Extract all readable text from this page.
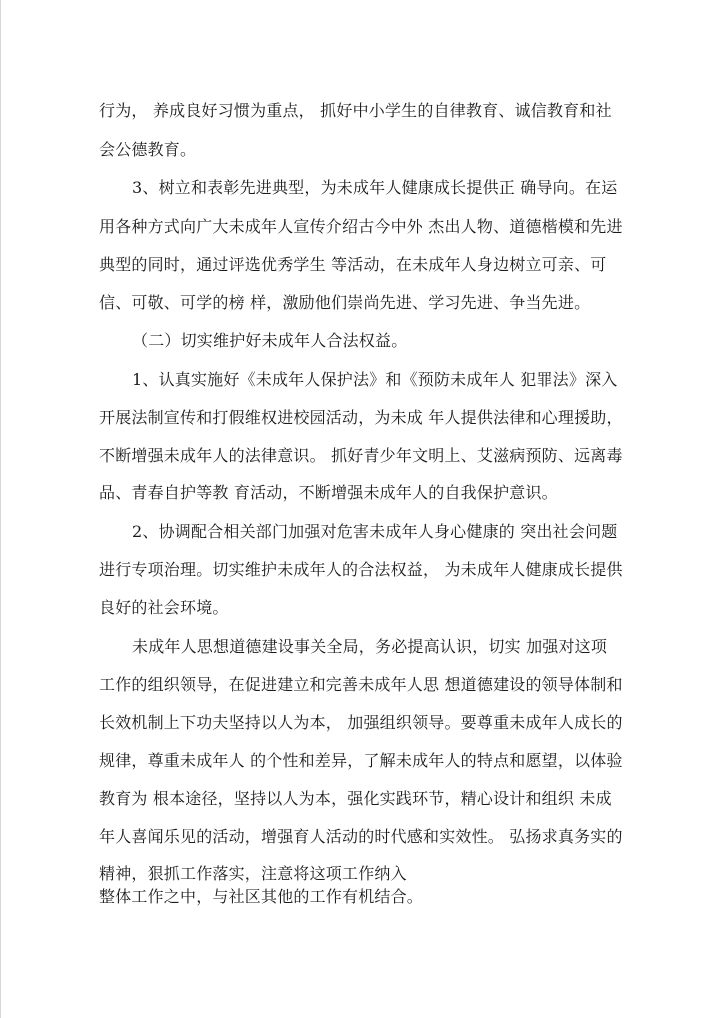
行为， 养成良好习惯为重点， 抓好中小学生的自律教育、诚信教育和社
会公德教育。
3、树立和表彰先进典型，为未成年人健康成长提供正 确导向。在运
用各种方式向广大未成年人宣传介绍古今中外 杰出人物、道德楷模和先进
典型的同时，通过评选优秀学生 等活动，在未成年人身边树立可亲、可
信、可敬、可学的榜 样，激励他们崇尚先进、学习先进、争当先进。
（二）切实维护好未成年人合法权益。
1、认真实施好《未成年人保护法》和《预防未成年人 犯罪法》深入
开展法制宣传和打假维权进校园活动，为未成 年人提供法律和心理援助，
不断增强未成年人的法律意识。 抓好青少年文明上、艾滋病预防、远离毒
品、青春自护等教 育活动，不断增强未成年人的自我保护意识。
2、协调配合相关部门加强对危害未成年人身心健康的 突出社会问题
进行专项治理。切实维护未成年人的合法权益， 为未成年人健康成长提供
良好的社会环境。
未成年人思想道德建设事关全局，务必提高认识，切实 加强对这项
工作的组织领导，在促进建立和完善未成年人思 想道德建设的领导体制和
长效机制上下功夫坚持以人为本， 加强组织领导。要尊重未成年人成长的
规律，尊重未成年人 的个性和差异，了解未成年人的特点和愿望，以体验
教育为 根本途径，坚持以人为本，强化实践环节，精心设计和组织 未成
年人喜闻乐见的活动，增强育人活动的时代感和实效性。 弘扬求真务实的
精神，狠抓工作落实，注意将这项工作纳入
整体工作之中，与社区其他的工作有机结合。
